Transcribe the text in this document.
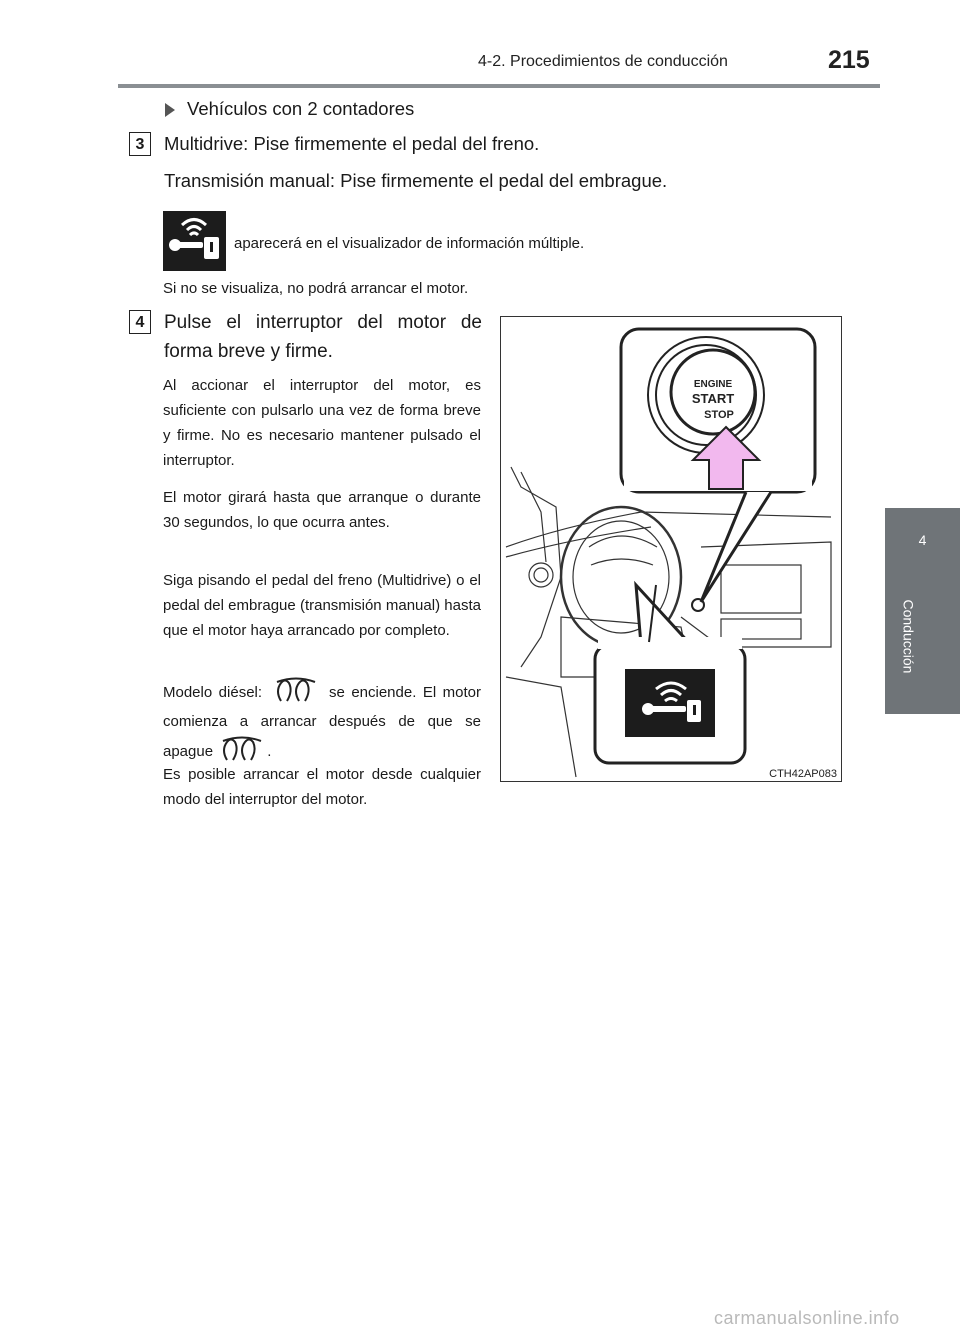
4-2. Procedimientos de conducción	215
4
Conducción
Vehículos con 2 contadores
3	Multidrive: Pise firmemente el pedal del freno.
Transmisión manual: Pise firmemente el pedal del embrague.
aparecerá en el visualizador de información múltiple.
Si no se visualiza, no podrá arrancar el motor.
4	Pulse el interruptor del motor de
forma breve y firme.
Al accionar el interruptor del motor, es suficiente con pulsarlo una vez de forma breve y firme. No es necesario mantener pulsado el interruptor.
El motor girará hasta que arranque o durante 30 segundos, lo que ocurra antes.
Siga pisando el pedal del freno (Multidrive) o el pedal del embrague (transmisión manual) hasta que el motor haya arrancado por completo.
Modelo diésel:	se enciende. El motor comienza a arrancar después de que se apague	.
Es posible arrancar el motor desde cualquier modo del interruptor del motor.
ENGINE
START
STOP
CTH42AP083
carmanualsonline.info
